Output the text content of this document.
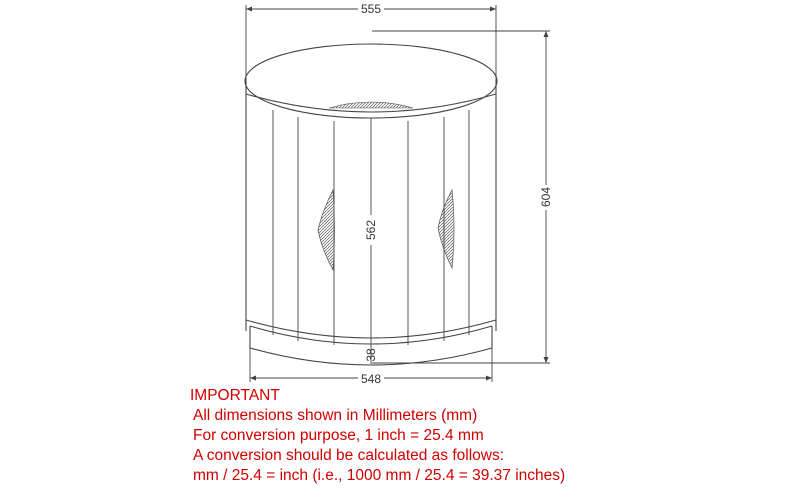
555
604
562
38
548
IMPORTANT
All dimensions shown in Millimeters (mm)
For conversion purpose, 1 inch = 25.4 mm
A conversion should be calculated as follows:
mm / 25.4 = inch (i.e., 1000 mm / 25.4 = 39.37 inches)
